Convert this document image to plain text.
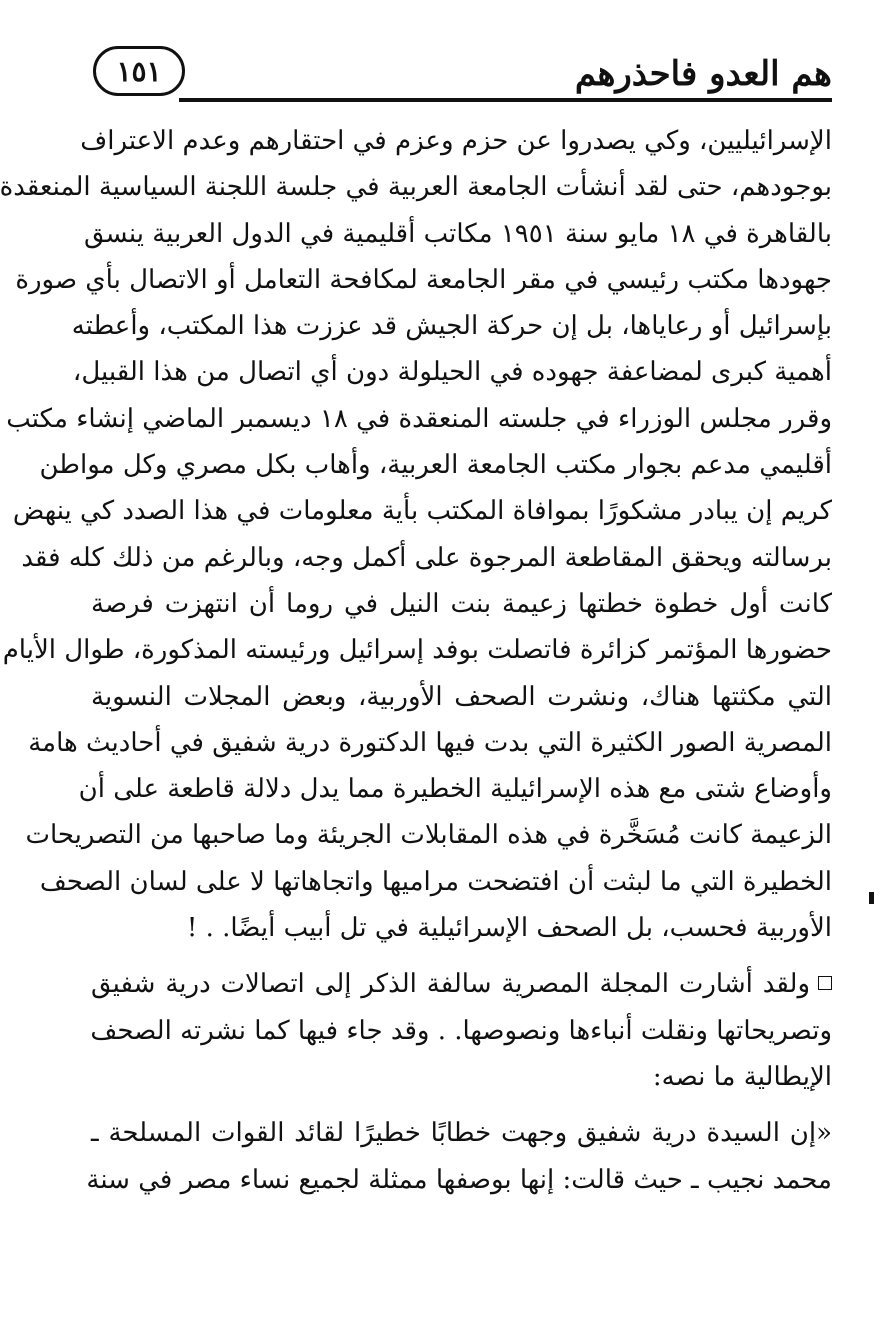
هم العدو فاحذرهم
١٥١
الإسرائيليين، وكي يصدروا عن حزم وعزم في احتقارهم وعدم الاعتراف
بوجودهم، حتى لقد أنشأت الجامعة العربية في جلسة اللجنة السياسية المنعقدة
بالقاهرة في ١٨ مايو سنة ١٩٥١ مكاتب أقليمية في الدول العربية ينسق
جهودها مكتب رئيسي في مقر الجامعة لمكافحة التعامل أو الاتصال بأي صورة
بإسرائيل أو رعاياها، بل إن حركة الجيش قد عززت هذا المكتب، وأعطته
أهمية كبرى لمضاعفة جهوده في الحيلولة دون أي اتصال من هذا القبيل،
وقرر مجلس الوزراء في جلسته المنعقدة في ١٨ ديسمبر الماضي إنشاء مكتب
أقليمي مدعم بجوار مكتب الجامعة العربية، وأهاب بكل مصري وكل مواطن
كريم إن يبادر مشكورًا بموافاة المكتب بأية معلومات في هذا الصدد كي ينهض
برسالته ويحقق المقاطعة المرجوة على أكمل وجه، وبالرغم من ذلك كله فقد
كانت أول خطوة خطتها زعيمة بنت النيل في روما أن انتهزت فرصة
حضورها المؤتمر كزائرة فاتصلت بوفد إسرائيل ورئيسته المذكورة، طوال الأيام
التي مكثتها هناك، ونشرت الصحف الأوربية، وبعض المجلات النسوية
المصرية الصور الكثيرة التي بدت فيها الدكتورة درية شفيق في أحاديث هامة
وأوضاع شتى مع هذه الإسرائيلية الخطيرة مما يدل دلالة قاطعة على أن
الزعيمة كانت مُسَخَّرة في هذه المقابلات الجريئة وما صاحبها من التصريحات
الخطيرة التي ما لبثت أن افتضحت مراميها واتجاهاتها لا على لسان الصحف
الأوربية فحسب، بل الصحف الإسرائيلية في تل أبيب أيضًا. . !
ولقد أشارت المجلة المصرية سالفة الذكر إلى اتصالات درية شفيق
وتصريحاتها ونقلت أنباءها ونصوصها. . وقد جاء فيها كما نشرته الصحف
الإيطالية ما نصه:
«إن السيدة درية شفيق وجهت خطابًا خطيرًا لقائد القوات المسلحة ـ
محمد نجيب ـ حيث قالت: إنها بوصفها ممثلة لجميع نساء مصر في سنة
